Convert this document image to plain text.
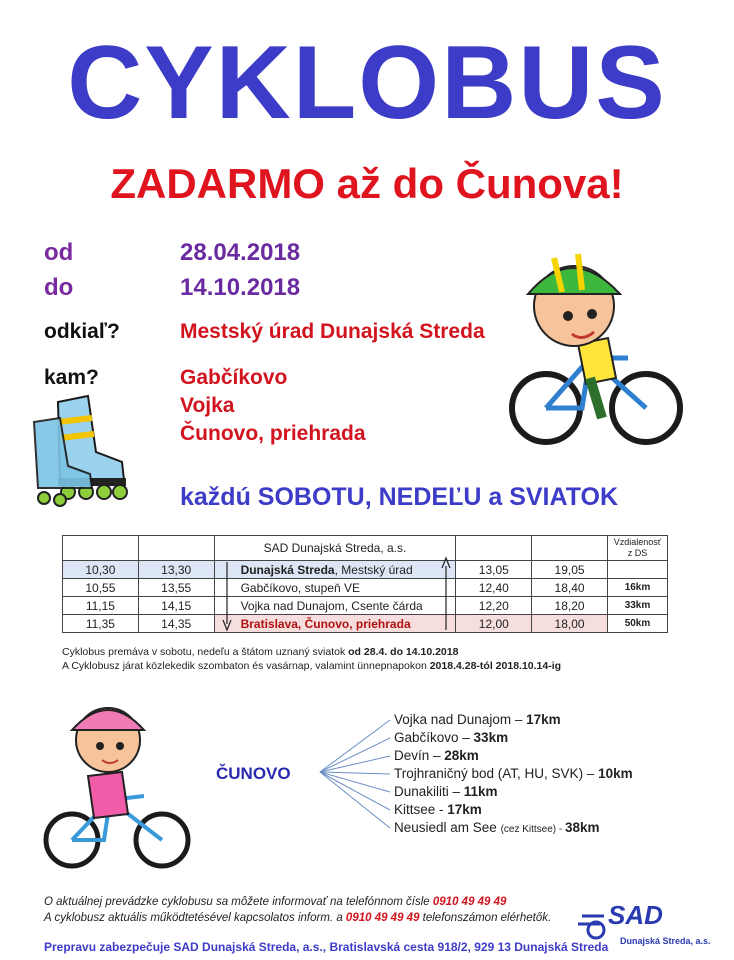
CYKLOBUS
ZADARMO až do Čunova!
od	28.04.2018
do	14.10.2018
odkiaľ?	Mestský úrad Dunajská Streda
kam?	Gabčíkovo
Vojka
Čunovo, priehrada
každú SOBOTU, NEDEĽU a SVIATOK
		SAD Dunajská Streda, a.s.			Vzdialenosť z DS
10,30	13,30	Dunajská Streda, Mestský úrad	13,05	19,05	
10,55	13,55	Gabčíkovo, stupeň VE	12,40	18,40	16km
11,15	14,15	Vojka nad Dunajom, Csente čárda	12,20	18,20	33km
11,35	14,35	Bratislava, Čunovo, priehrada	12,00	18,00	50km
Cyklobus premáva v sobotu, nedeľu a štátom uznaný sviatok od 28.4. do 14.10.2018
A Cyklobusz járat közlekedik szombaton és vasárnap, valamint ünnepnapokon 2018.4.28-tól 2018.10.14-ig
ČUNOVO
Vojka nad Dunajom – 17km
Gabčíkovo – 33km
Devín – 28km
Trojhraničný bod (AT, HU, SVK) – 10km
Dunakiliti – 11km
Kittsee - 17km
Neusiedl am See (cez Kittsee) - 38km
O aktuálnej prevádzke cyklobusu sa môžete informovať na telefónnom čísle 0910 49 49 49
A cyklobusz aktuális működtetésével kapcsolatos inform. a 0910 49 49 49 telefonszámon elérhetők. SAD
Dunajská Streda, a.s.
Prepravu zabezpečuje SAD Dunajská Streda, a.s., Bratislavská cesta 918/2, 929 13 Dunajská Streda
